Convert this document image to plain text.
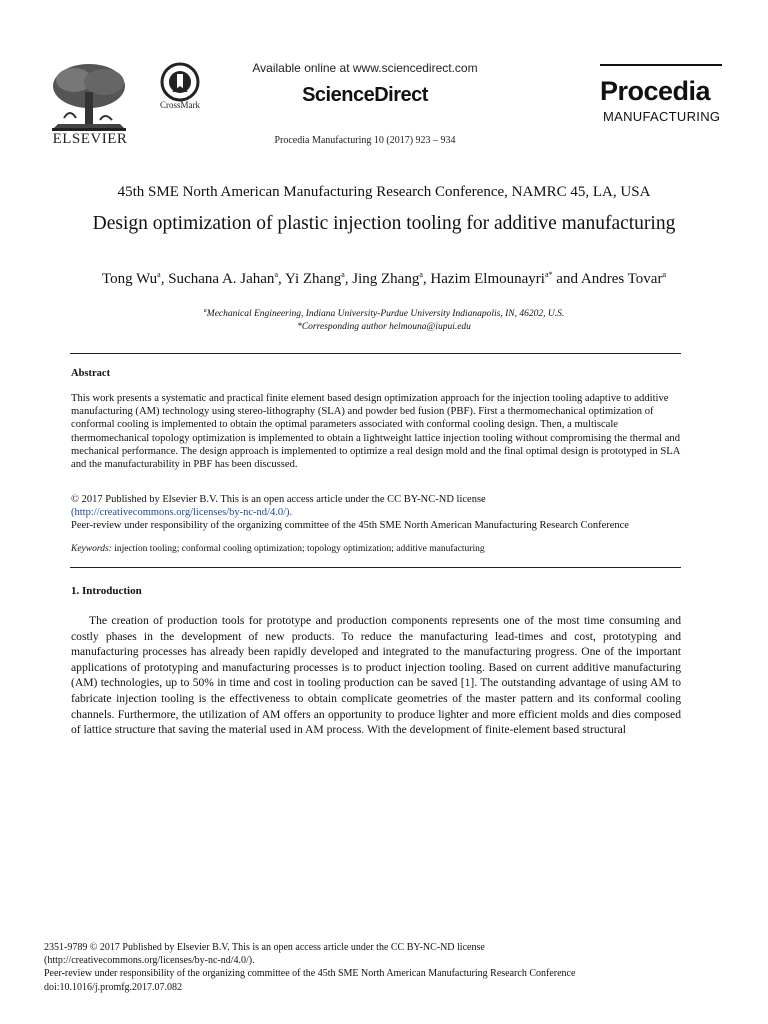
ELSEVIER
CrossMark
Available online at www.sciencedirect.com
ScienceDirect
Procedia Manufacturing 10 (2017) 923 – 934
Procedia
MANUFACTURING
45th SME North American Manufacturing Research Conference, NAMRC 45, LA, USA
Design optimization of plastic injection tooling for additive manufacturing
Tong Wu$^a$, Suchana A. Jahan$^a$, Yi Zhang$^a$, Jing Zhang$^a$, Hazim Elmounayri$^{a*}$ and Andres Tovar$^a$
$^a$Mechanical Engineering, Indiana University-Purdue University Indianapolis, IN, 46202, U.S.
*Corresponding author helmouna@iupui.edu
Abstract
This work presents a systematic and practical finite element based design optimization approach for the injection tooling adaptive to additive manufacturing (AM) technology using stereo-lithography (SLA) and powder bed fusion (PBF). First a thermomechanical optimization of conformal cooling is implemented to obtain the optimal parameters associated with conformal cooling design. Then, a multiscale thermomechanical topology optimization is implemented to obtain a lightweight lattice injection tooling without compromising the thermal and mechanical performance. The design approach is implemented to optimize a real design mold and the final optimal design is prototyped in SLA and the manufacturability in PBF has been discussed.
© 2017 Published by Elsevier B.V. This is an open access article under the CC BY-NC-ND license
(http://creativecommons.org/licenses/by-nc-nd/4.0/).
Peer-review under responsibility of the organizing committee of the 45th SME North American Manufacturing Research Conference
Keywords: injection tooling; conformal cooling optimization; topology optimization; additive manufacturing
1. Introduction
The creation of production tools for prototype and production components represents one of the most time consuming and costly phases in the development of new products. To reduce the manufacturing lead-times and cost, prototyping and manufacturing processes has already been rapidly developed and integrated to the manufacturing progress. One of the important applications of prototyping and manufacturing processes is to product injection tooling. Based on current additive manufacturing (AM) technologies, up to 50% in time and cost in tooling production can be saved [1]. The outstanding advantage of using AM to fabricate injection tooling is the effectiveness to obtain complicate geometries of the master pattern and its conformal cooling channels. Furthermore, the utilization of AM offers an opportunity to produce lighter and more efficient molds and dies composed of lattice structure that saving the material used in AM process. With the development of finite-element based structural
2351-9789 © 2017 Published by Elsevier B.V. This is an open access article under the CC BY-NC-ND license
(http://creativecommons.org/licenses/by-nc-nd/4.0/).
Peer-review under responsibility of the organizing committee of the 45th SME North American Manufacturing Research Conference
doi:10.1016/j.promfg.2017.07.082
